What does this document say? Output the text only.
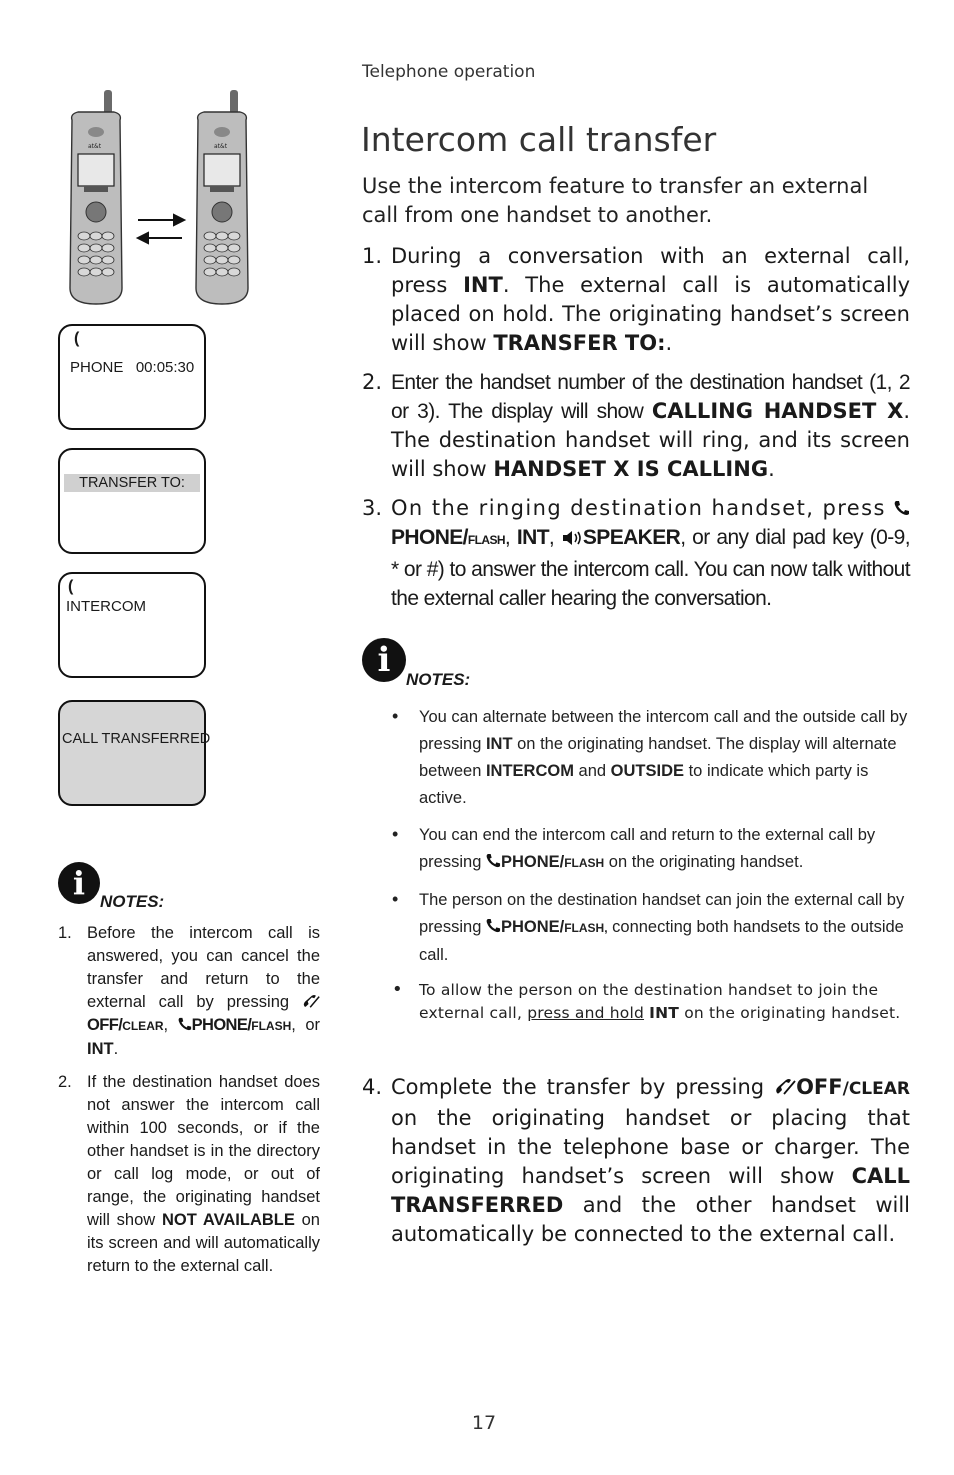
Telephone operation
Intercom call transfer

Use the intercom feature to transfer an external call from one handset to another.

1. During a conversation with an external call, press INT. The external call is automatically placed on hold. The originating handset’s screen will show TRANSFER TO:.
2. Enter the handset number of the destination handset (1, 2 or 3). The display will show CALLING HANDSET X. The destination handset will ring, and its screen will show HANDSET X IS CALLING.
3. On the ringing destination handset, press PHONE/FLASH, INT, SPEAKER, or any dial pad key (0-9, * or #) to answer the intercom call. You can now talk without the external caller hearing the conversation.
i NOTES:
• You can alternate between the intercom call and the outside call by pressing INT on the originating handset. The display will alternate between INTERCOM and OUTSIDE to indicate which party is active.
• You can end the intercom call and return to the external call by pressing PHONE/FLASH on the originating handset.
• The person on the destination handset can join the external call by pressing PHONE/FLASH, connecting both handsets to the outside call.
• To allow the person on the destination handset to join the external call, press and hold INT on the originating handset.
4. Complete the transfer by pressing OFF/CLEAR on the originating handset or placing that handset in the telephone base or charger. The originating handset’s screen will show CALL TRANSFERRED and the other handset will automatically be connected to the external call.
at&t	at&t
(
PHONE   00:05:30
TRANSFER TO:
(
INTERCOM
CALL TRANSFERRED
i NOTES:
1. Before the intercom call is answered, you can cancel the transfer and return to the external call by pressing OFF/CLEAR, PHONE/FLASH, or INT.
2. If the destination handset does not answer the intercom call within 100 seconds, or if the other handset is in the directory or call log mode, or out of range, the originating handset will show NOT AVAILABLE on its screen and will automatically return to the external call.
17
